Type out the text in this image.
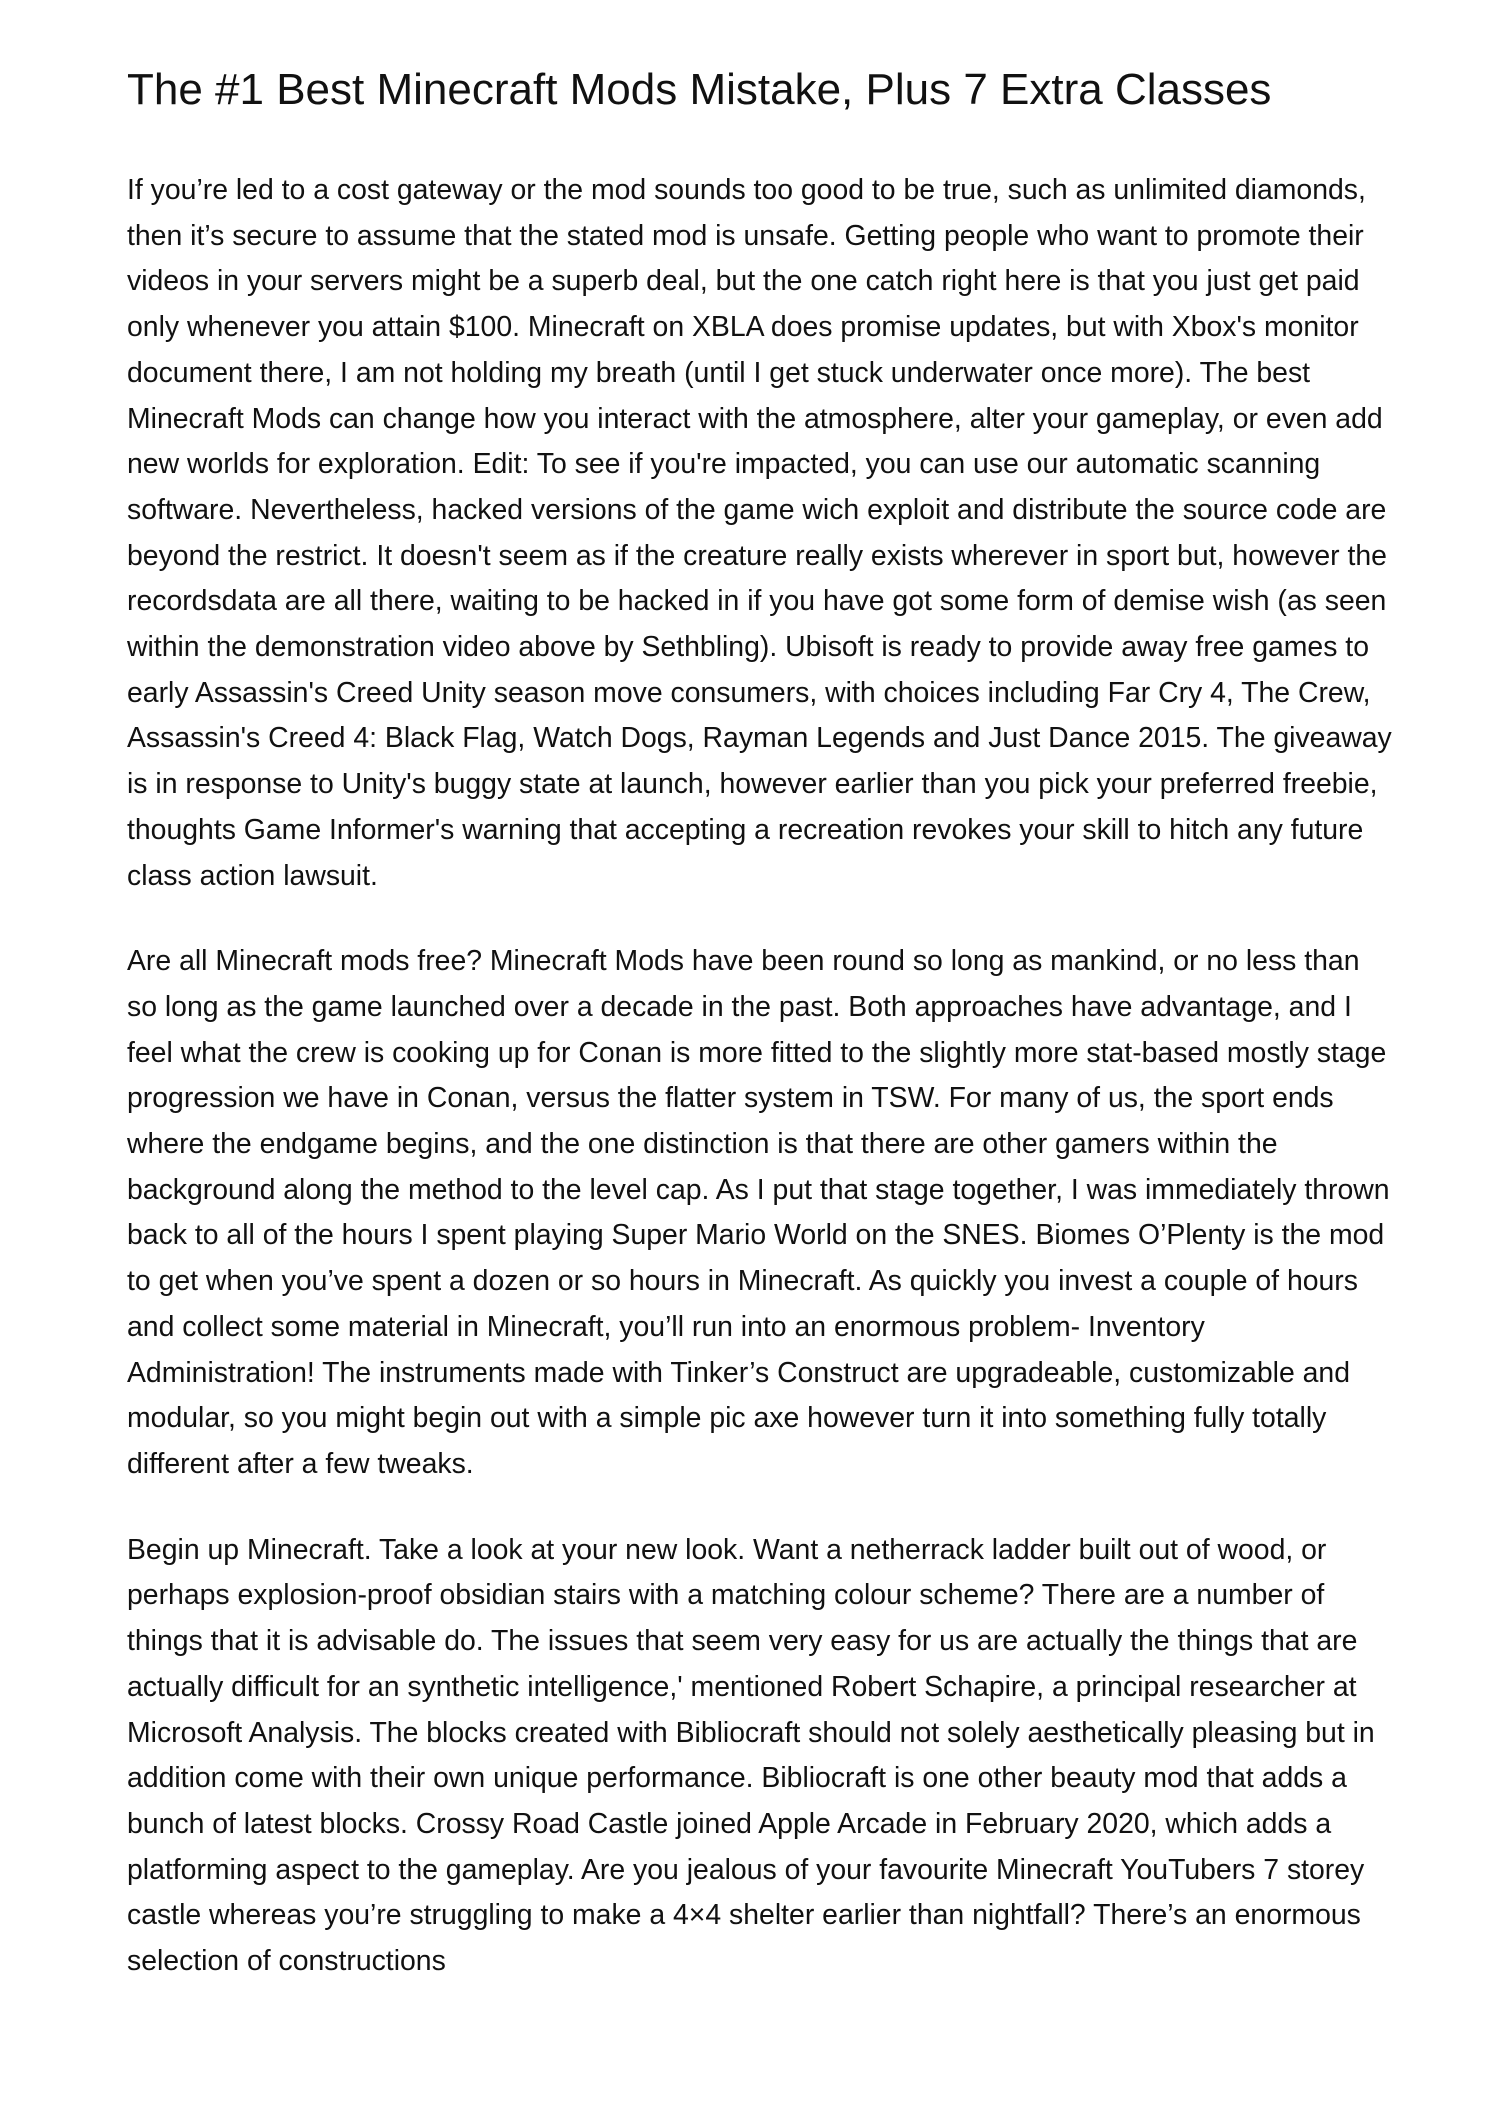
The #1 Best Minecraft Mods Mistake, Plus 7 Extra Classes

If you’re led to a cost gateway or the mod sounds too good to be true, such as unlimited diamonds, then it’s secure to assume that the stated mod is unsafe. Getting people who want to promote their videos in your servers might be a superb deal, but the one catch right here is that you just get paid only whenever you attain $100. Minecraft on XBLA does promise updates, but with Xbox's monitor document there, I am not holding my breath (until I get stuck underwater once more). The best Minecraft Mods can change how you interact with the atmosphere, alter your gameplay, or even add new worlds for exploration. Edit: To see if you're impacted, you can use our automatic scanning software. Nevertheless, hacked versions of the game wich exploit and distribute the source code are beyond the restrict. It doesn't seem as if the creature really exists wherever in sport but, however the recordsdata are all there, waiting to be hacked in if you have got some form of demise wish (as seen within the demonstration video above by Sethbling). Ubisoft is ready to provide away free games to early Assassin's Creed Unity season move consumers, with choices including Far Cry 4, The Crew, Assassin's Creed 4: Black Flag, Watch Dogs, Rayman Legends and Just Dance 2015. The giveaway is in response to Unity's buggy state at launch, however earlier than you pick your preferred freebie, thoughts Game Informer's warning that accepting a recreation revokes your skill to hitch any future class action lawsuit.

Are all Minecraft mods free? Minecraft Mods have been round so long as mankind, or no less than so long as the game launched over a decade in the past. Both approaches have advantage, and I feel what the crew is cooking up for Conan is more fitted to the slightly more stat-based mostly stage progression we have in Conan, versus the flatter system in TSW. For many of us, the sport ends where the endgame begins, and the one distinction is that there are other gamers within the background along the method to the level cap. As I put that stage together, I was immediately thrown back to all of the hours I spent playing Super Mario World on the SNES. Biomes O’Plenty is the mod to get when you’ve spent a dozen or so hours in Minecraft. As quickly you invest a couple of hours and collect some material in Minecraft, you’ll run into an enormous problem- Inventory Administration! The instruments made with Tinker’s Construct are upgradeable, customizable and modular, so you might begin out with a simple pic axe however turn it into something fully totally different after a few tweaks.

Begin up Minecraft. Take a look at your new look. Want a netherrack ladder built out of wood, or perhaps explosion-proof obsidian stairs with a matching colour scheme? There are a number of things that it is advisable do. The issues that seem very easy for us are actually the things that are actually difficult for an synthetic intelligence,' mentioned Robert Schapire, a principal researcher at Microsoft Analysis. The blocks created with Bibliocraft should not solely aesthetically pleasing but in addition come with their own unique performance. Bibliocraft is one other beauty mod that adds a bunch of latest blocks. Crossy Road Castle joined Apple Arcade in February 2020, which adds a platforming aspect to the gameplay. Are you jealous of your favourite Minecraft YouTubers 7 storey castle whereas you’re struggling to make a 4×4 shelter earlier than nightfall? There’s an enormous selection of constructions
